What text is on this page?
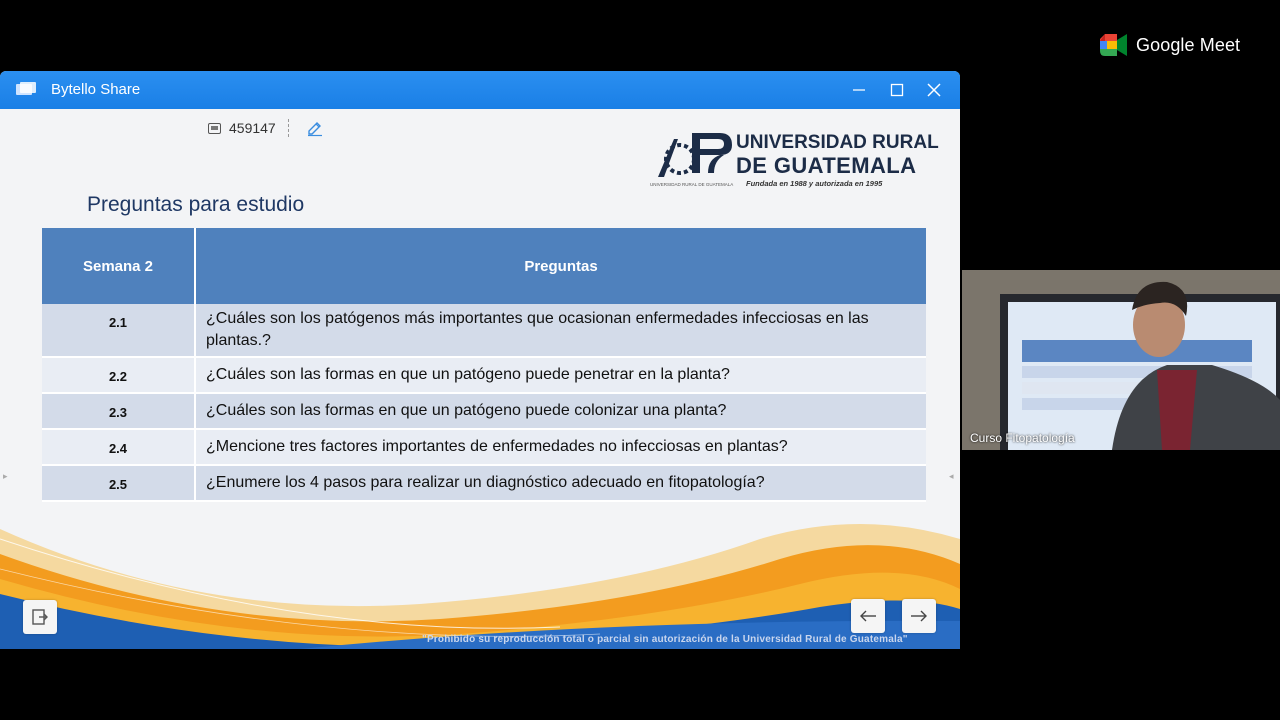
Google Meet
Bytello Share
459147
UNIVERSIDAD RURAL
DE GUATEMALA
Fundada en 1988 y autorizada en 1995
UNIVERSIDAD RURAL DE GUATEMALA
Preguntas para estudio
Semana 2	Preguntas
2.1	¿Cuáles son los patógenos más importantes que ocasionan enfermedades infecciosas en las plantas.?
2.2	¿Cuáles son las formas en que un patógeno puede penetrar en la planta?
2.3	¿Cuáles son las formas en que un patógeno puede colonizar una planta?
2.4	¿Mencione tres factores importantes de enfermedades no infecciosas en plantas?
2.5	¿Enumere los 4 pasos para realizar un diagnóstico adecuado en fitopatología?
"Prohibido su reproducción total o parcial sin autorización de la Universidad Rural de Guatemala"
▸	◂
Curso Fitopatología
